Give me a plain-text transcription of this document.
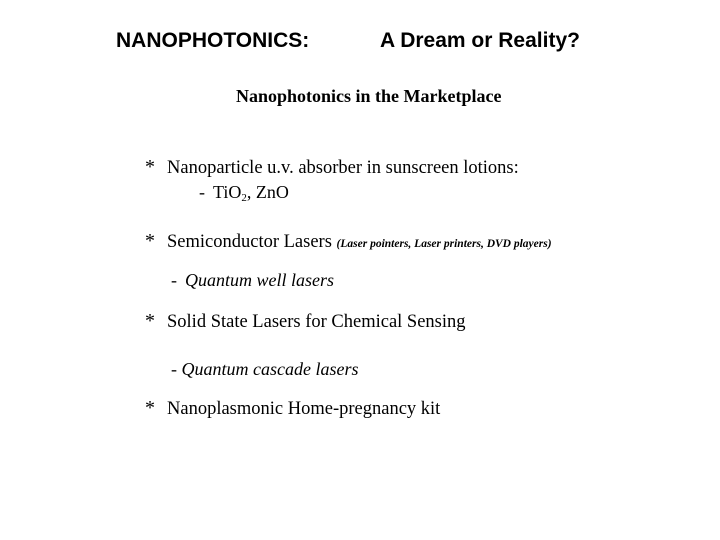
NANOPHOTONICS:	A Dream or Reality?
Nanophotonics in the Marketplace
* Nanoparticle u.v. absorber in sunscreen lotions:
- TiO$_2$, ZnO
* Semiconductor Lasers (Laser pointers, Laser printers, DVD players)
- Quantum well lasers
* Solid State Lasers for Chemical Sensing
- Quantum cascade lasers
* Nanoplasmonic Home-pregnancy kit
